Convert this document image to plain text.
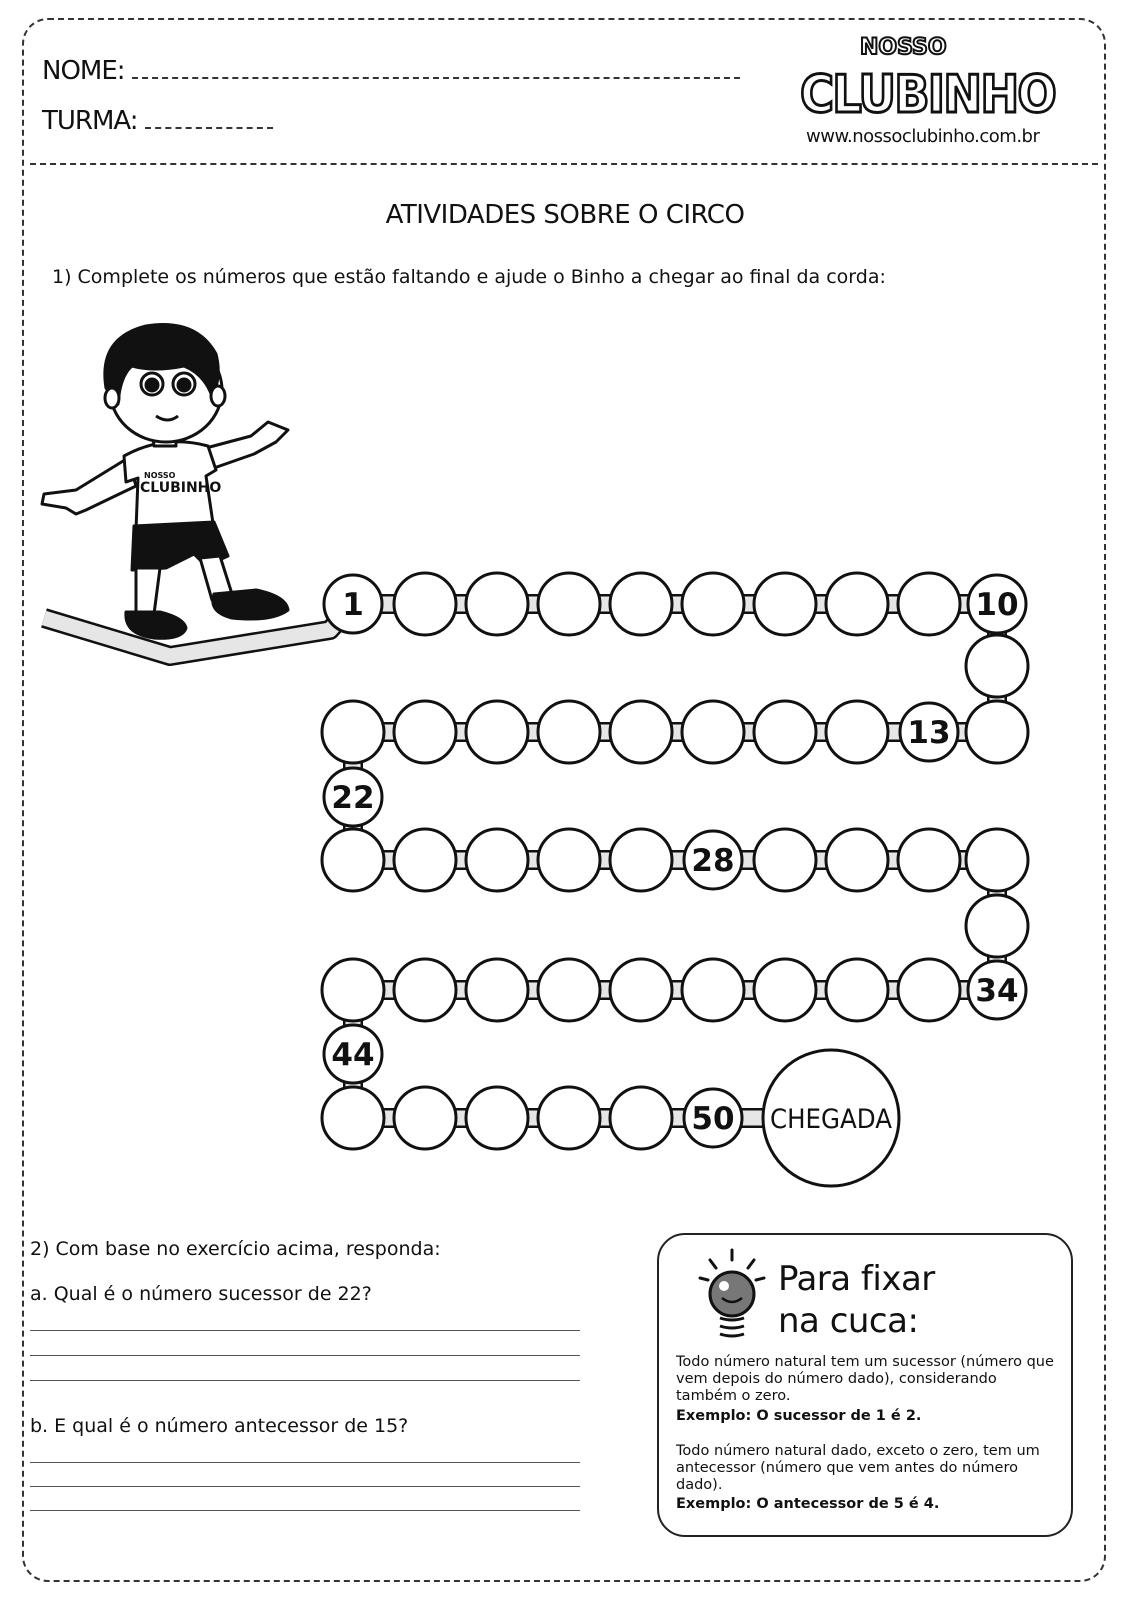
NOME:
TURMA:
NOSSO
CLUBINHO
www.nossoclubinho.com.br
ATIVIDADES SOBRE O CIRCO
1) Complete os números que estão faltando e ajude o Binho a chegar ao final da corda:
NOSSO
CLUBINHO
1	10
13
22
28
34
44
50 CHEGADA
2) Com base no exercício acima, responda:
a. Qual é o número sucessor de 22?
b. E qual é o número antecessor de 15?
Para fixar
na cuca:
Todo número natural tem um sucessor (número que vem depois do número dado), considerando também o zero.
Exemplo: O sucessor de 1 é 2.
Todo número natural dado, exceto o zero, tem um antecessor (número que vem antes do número dado).
Exemplo: O antecessor de 5 é 4.
